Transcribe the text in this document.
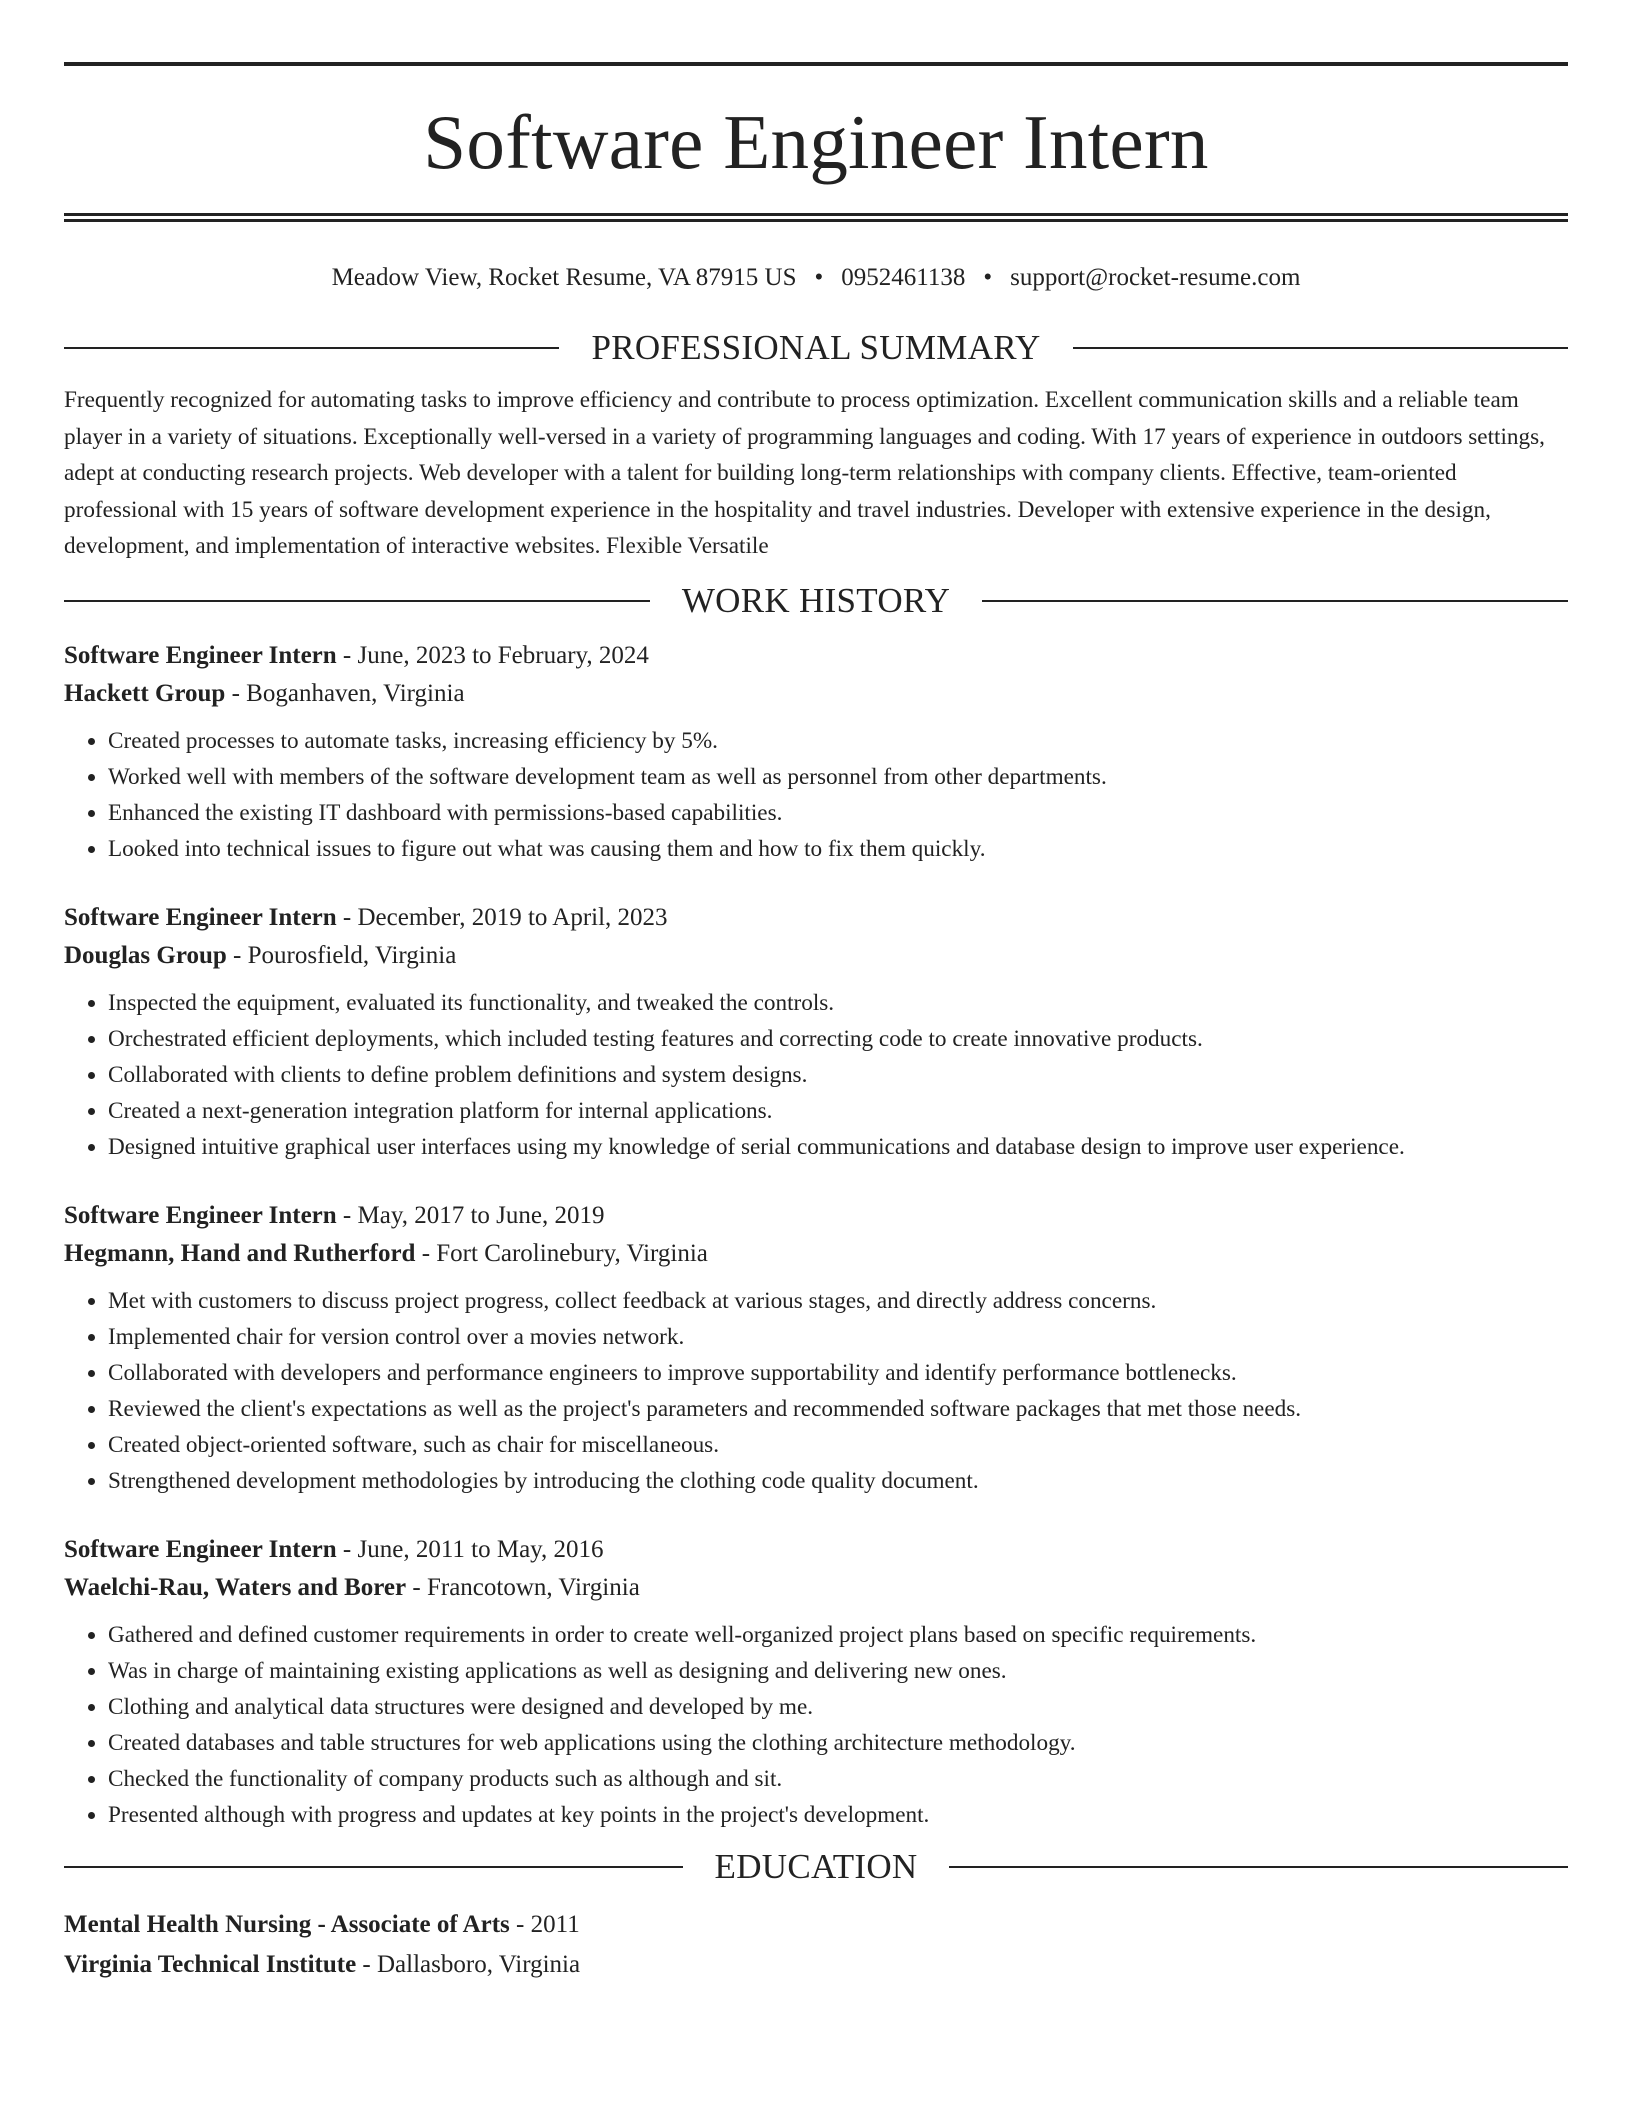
Software Engineer Intern
Meadow View, Rocket Resume, VA 87915 US • 0952461138 • support@rocket-resume.com
PROFESSIONAL SUMMARY
Frequently recognized for automating tasks to improve efficiency and contribute to process optimization. Excellent communication skills and a reliable team player in a variety of situations. Exceptionally well-versed in a variety of programming languages and coding. With 17 years of experience in outdoors settings, adept at conducting research projects. Web developer with a talent for building long-term relationships with company clients. Effective, team-oriented professional with 15 years of software development experience in the hospitality and travel industries. Developer with extensive experience in the design, development, and implementation of interactive websites. Flexible Versatile
WORK HISTORY
Software Engineer Intern - June, 2023 to February, 2024
Hackett Group - Boganhaven, Virginia
• Created processes to automate tasks, increasing efficiency by 5%.
• Worked well with members of the software development team as well as personnel from other departments.
• Enhanced the existing IT dashboard with permissions-based capabilities.
• Looked into technical issues to figure out what was causing them and how to fix them quickly.
Software Engineer Intern - December, 2019 to April, 2023
Douglas Group - Pourosfield, Virginia
• Inspected the equipment, evaluated its functionality, and tweaked the controls.
• Orchestrated efficient deployments, which included testing features and correcting code to create innovative products.
• Collaborated with clients to define problem definitions and system designs.
• Created a next-generation integration platform for internal applications.
• Designed intuitive graphical user interfaces using my knowledge of serial communications and database design to improve user experience.
Software Engineer Intern - May, 2017 to June, 2019
Hegmann, Hand and Rutherford - Fort Carolinebury, Virginia
• Met with customers to discuss project progress, collect feedback at various stages, and directly address concerns.
• Implemented chair for version control over a movies network.
• Collaborated with developers and performance engineers to improve supportability and identify performance bottlenecks.
• Reviewed the client's expectations as well as the project's parameters and recommended software packages that met those needs.
• Created object-oriented software, such as chair for miscellaneous.
• Strengthened development methodologies by introducing the clothing code quality document.
Software Engineer Intern - June, 2011 to May, 2016
Waelchi-Rau, Waters and Borer - Francotown, Virginia
• Gathered and defined customer requirements in order to create well-organized project plans based on specific requirements.
• Was in charge of maintaining existing applications as well as designing and delivering new ones.
• Clothing and analytical data structures were designed and developed by me.
• Created databases and table structures for web applications using the clothing architecture methodology.
• Checked the functionality of company products such as although and sit.
• Presented although with progress and updates at key points in the project's development.
EDUCATION
Mental Health Nursing - Associate of Arts - 2011
Virginia Technical Institute - Dallasboro, Virginia
